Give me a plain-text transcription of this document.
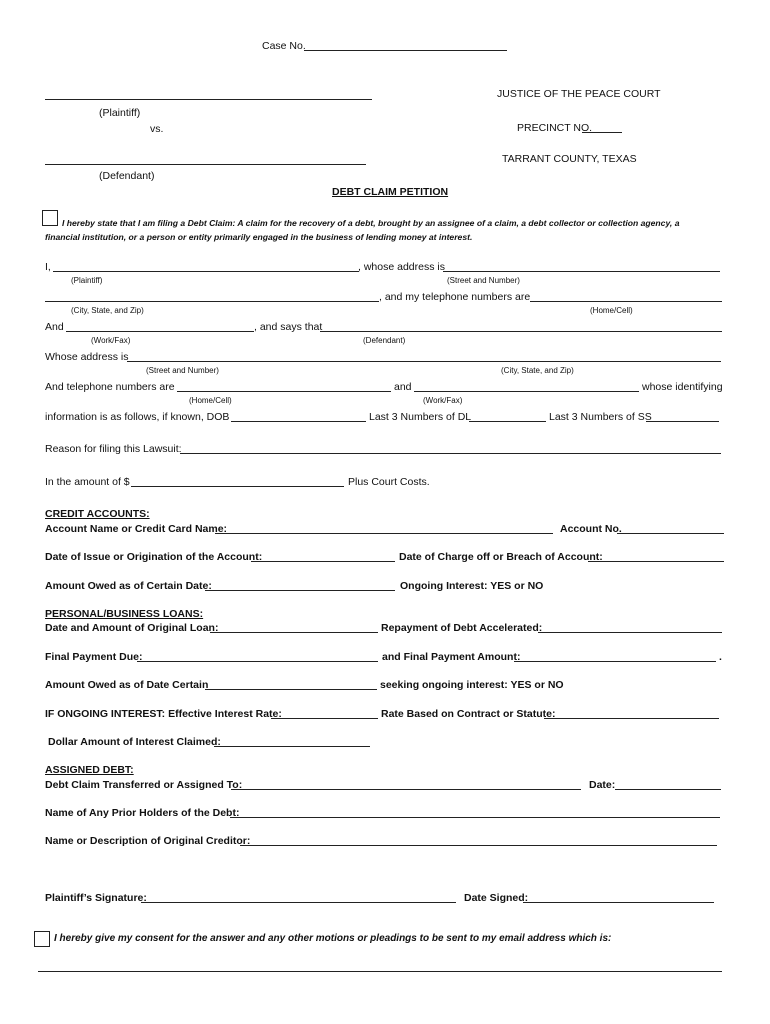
Case No.
JUSTICE OF THE PEACE COURT
(Plaintiff)
vs.	PRECINCT NO.
TARRANT COUNTY, TEXAS
(Defendant)
DEBT CLAIM PETITION
I hereby state that I am filing a Debt Claim: A claim for the recovery of a debt, brought by an assignee of a claim, a debt collector or collection agency, a
financial institution, or a person or entity primarily engaged in the business of lending money at interest.
I,	, whose address is
(Plaintiff)	(Street and Number)
, and my telephone numbers are
(City, State, and Zip)	(Home/Cell)
And	, and says that
(Work/Fax)	(Defendant)
Whose address is
(Street and Number)	(City, State, and Zip)
And telephone numbers are	and	whose identifying
(Home/Cell)	(Work/Fax)
information is as follows, if known, DOB	Last 3 Numbers of DL	Last 3 Numbers of SS
Reason for filing this Lawsuit:
In the amount of $	Plus Court Costs.
CREDIT ACCOUNTS:
Account Name or Credit Card Name:	Account No.
Date of Issue or Origination of the Account:	Date of Charge off or Breach of Account:
Amount Owed as of Certain Date:	Ongoing Interest: YES or NO
PERSONAL/BUSINESS LOANS:
Date and Amount of Original Loan:	Repayment of Debt Accelerated:
Final Payment Due:	and Final Payment Amount:	.
Amount Owed as of Date Certain	seeking ongoing interest: YES or NO
IF ONGOING INTEREST: Effective Interest Rate:	Rate Based on Contract or Statute:
Dollar Amount of Interest Claimed:
ASSIGNED DEBT:
Debt Claim Transferred or Assigned To:	Date:
Name of Any Prior Holders of the Debt:
Name or Description of Original Creditor:
Plaintiff’s Signature:	Date Signed:
I hereby give my consent for the answer and any other motions or pleadings to be sent to my email address which is:
